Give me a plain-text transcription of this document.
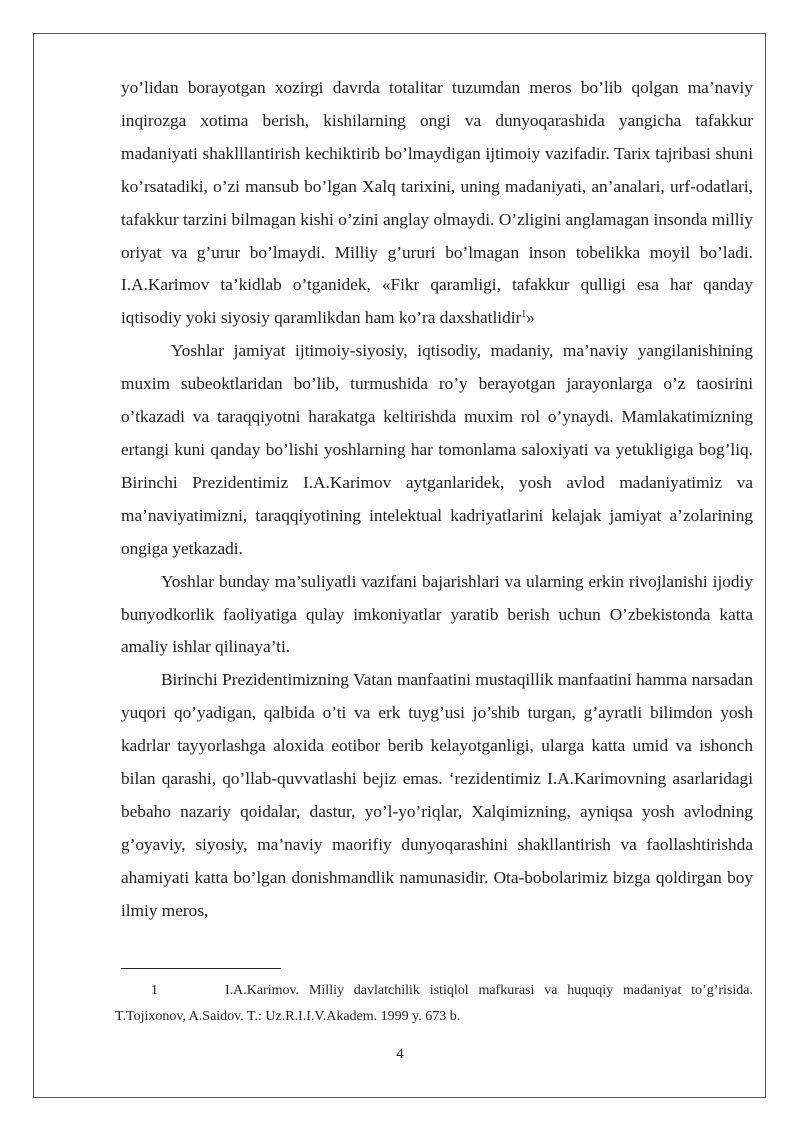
yo’lidan borayotgan xozirgi davrda totalitar tuzumdan meros bo’lib qolgan ma’naviy inqirozga xotima berish, kishilarning ongi va dunyoqarashida yangicha tafakkur madaniyati shaklllantirish kechiktirib bo’lmaydigan ijtimoiy vazifadir. Tarix tajribasi shuni ko’rsatadiki, o’zi mansub bo’lgan Xalq tarixini, uning madaniyati, an’analari, urf-odatlari, tafakkur tarzini bilmagan kishi o’zini anglay olmaydi. O’zligini anglamagan insonda milliy oriyat va g’urur bo’lmaydi. Milliy g’ururi bo’lmagan inson tobelikka moyil bo’ladi. I.A.Karimov ta’kidlab o’tganidek, «Fikr qaramligi, tafakkur qulligi esa har qanday iqtisodiy yoki siyosiy qaramlikdan ham ko’ra daxshatlidir$^1$»

Yoshlar jamiyat ijtimoiy-siyosiy, iqtisodiy, madaniy, ma’naviy yangilanishining muxim subeoktlaridan bo’lib, turmushida ro’y berayotgan jarayonlarga o’z taosirini o’tkazadi va taraqqiyotni harakatga keltirishda muxim rol o’ynaydi. Mamlakatimizning ertangi kuni qanday bo’lishi yoshlarning har tomonlama saloxiyati va yetukligiga bog’liq. Birinchi Prezidentimiz I.A.Karimov aytganlaridek, yosh avlod madaniyatimiz va ma’naviyatimizni, taraqqiyotining intelektual kadriyatlarini kelajak jamiyat a’zolarining ongiga yetkazadi.

Yoshlar bunday ma’suliyatli vazifani bajarishlari va ularning erkin rivojlanishi ijodiy bunyodkorlik faoliyatiga qulay imkoniyatlar yaratib berish uchun O’zbekistonda katta amaliy ishlar qilinaya’ti.

Birinchi Prezidentimizning Vatan manfaatini mustaqillik manfaatini hamma narsadan yuqori qo’yadigan, qalbida o’ti va erk tuyg’usi jo’shib turgan, g’ayratli bilimdon yosh kadrlar tayyorlashga aloxida eotibor berib kelayotganligi, ularga katta umid va ishonch bilan qarashi, qo’llab-quvvatlashi bejiz emas. ‘rezidentimiz I.A.Karimovning asarlaridagi bebaho nazariy qoidalar, dastur, yo’l-yo’riqlar, Xalqimizning, ayniqsa yosh avlodning g’oyaviy, siyosiy, ma’naviy maorifiy dunyoqarashini shakllantirish va faollashtirishda ahamiyati katta bo’lgan donishmandlik namunasidir. Ota-bobolarimiz bizga qoldirgan boy ilmiy meros,

1	I.A.Karimov. Milliy davlatchilik istiqlol mafkurasi va huquqiy madaniyat to’g’risida. T.Tojixonov, A.Saidov. T.: Uz.R.I.I.V.Akadem. 1999 y. 673 b.
4
